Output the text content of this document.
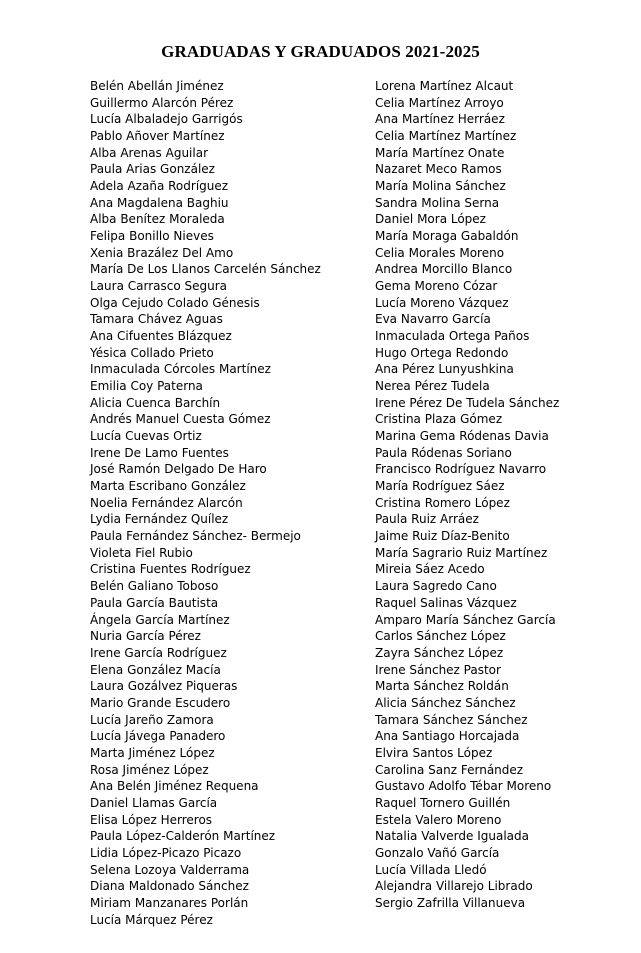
GRADUADAS Y GRADUADOS 2021-2025
Belén Abellán Jiménez
Guillermo Alarcón Pérez
Lucía Albaladejo Garrigós
Pablo Añover Martínez
Alba Arenas Aguilar
Paula Arias González
Adela Azaña Rodríguez
Ana Magdalena Baghiu
Alba Benítez Moraleda
Felipa Bonillo Nieves
Xenia Brazález Del Amo
María De Los Llanos Carcelén Sánchez
Laura Carrasco Segura
Olga Cejudo Colado Génesis
Tamara Chávez Aguas
Ana Cifuentes Blázquez
Yésica Collado Prieto
Inmaculada Córcoles Martínez
Emilia Coy Paterna
Alicia Cuenca Barchín
Andrés Manuel Cuesta Gómez
Lucía Cuevas Ortiz
Irene De Lamo Fuentes
José Ramón Delgado De Haro
Marta Escribano González
Noelia Fernández Alarcón
Lydia Fernández Quílez
Paula Fernández Sánchez- Bermejo
Violeta Fiel Rubio
Cristina Fuentes Rodríguez
Belén Galiano Toboso
Paula García Bautista
Ángela García Martínez
Nuria García Pérez
Irene García Rodríguez
Elena González Macía
Laura Gozálvez Piqueras
Mario Grande Escudero
Lucía Jareño Zamora
Lucía Jávega Panadero
Marta Jiménez López
Rosa Jiménez López
Ana Belén Jiménez Requena
Daniel Llamas García
Elisa López Herreros
Paula López-Calderón Martínez
Lidia López-Picazo Picazo
Selena Lozoya Valderrama
Diana Maldonado Sánchez
Miriam Manzanares Porlán
Lucía Márquez Pérez
Lorena Martínez Alcaut
Celia Martínez Arroyo
Ana Martínez Herráez
Celia Martínez Martínez
María Martínez Onate
Nazaret Meco Ramos
María Molina Sánchez
Sandra Molina Serna
Daniel Mora López
María Moraga Gabaldón
Celia Morales Moreno
Andrea Morcillo Blanco
Gema Moreno Cózar
Lucía Moreno Vázquez
Eva Navarro García
Inmaculada Ortega Paños
Hugo Ortega Redondo
Ana Pérez Lunyushkina
Nerea Pérez Tudela
Irene Pérez De Tudela Sánchez
Cristina Plaza Gómez
Marina Gema Ródenas Davia
Paula Ródenas Soriano
Francisco Rodríguez Navarro
María Rodríguez Sáez
Cristina Romero López
Paula Ruiz Arráez
Jaime Ruiz Díaz-Benito
María Sagrario Ruiz Martínez
Mireia Sáez Acedo
Laura Sagredo Cano
Raquel Salinas Vázquez
Amparo María Sánchez García
Carlos Sánchez López
Zayra Sánchez López
Irene Sánchez Pastor
Marta Sánchez Roldán
Alicia Sánchez Sánchez
Tamara Sánchez Sánchez
Ana Santiago Horcajada
Elvira Santos López
Carolina Sanz Fernández
Gustavo Adolfo Tébar Moreno
Raquel Tornero Guillén
Estela Valero Moreno
Natalia Valverde Igualada
Gonzalo Vañó García
Lucía Villada Lledó
Alejandra Villarejo Librado
Sergio Zafrilla Villanueva
